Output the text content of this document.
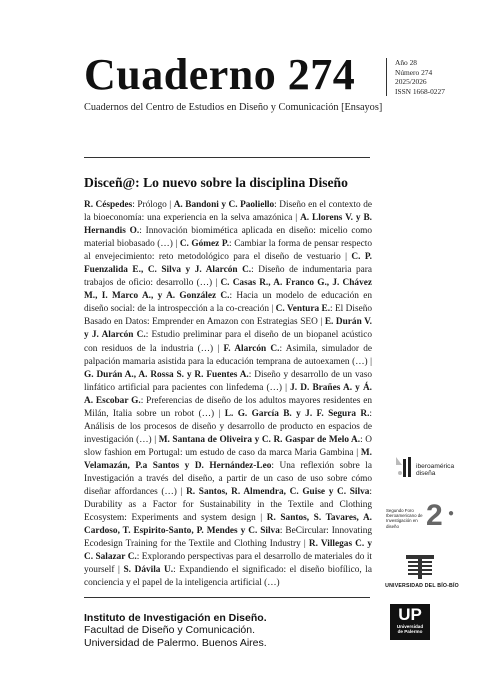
Cuaderno 274
Cuadernos del Centro de Estudios en Diseño y Comunicación [Ensayos]
Año 28
Número 274
2025/2026
ISSN 1668-0227
Disceñ@: Lo nuevo sobre la disciplina Diseño
R. Céspedes: Prólogo | A. Bandoni y C. Paoliello: Diseño en el contexto de la bioeconomía: una experiencia en la selva amazónica | A. Llorens V. y B. Hernandis O.: Innovación biomimética aplicada en diseño: micelio como material biobasado (…) | C. Gómez P.: Cambiar la forma de pensar respecto al envejecimiento: reto metodológico para el diseño de vestuario | C. P. Fuenzalida E., C. Silva y J. Alarcón C.: Diseño de indumentaria para trabajos de oficio: desarrollo (…) | C. Casas R., A. Franco G., J. Chávez M., I. Marco A., y A. González C.: Hacia un modelo de educación en diseño social: de la introspección a la co-creación | C. Ventura E.: El Diseño Basado en Datos: Emprender en Amazon con Estrategias SEO | E. Durán V. y J. Alarcón C.: Estudio preliminar para el diseño de un biopanel acústico con residuos de la industria (…) | F. Alarcón C.: Asimila, simulador de palpación mamaria asistida para la educación temprana de autoexamen (…) | G. Durán A., A. Rossa S. y R. Fuentes A.: Diseño y desarrollo de un vaso linfático artificial para pacientes con linfedema (…) | J. D. Brañes A. y Á. A. Escobar G.: Preferencias de diseño de los adultos mayores residentes en Milán, Italia sobre un robot (…) | L. G. García B. y J. F. Segura R.: Análisis de los procesos de diseño y desarrollo de producto en espacios de investigación (…) | M. Santana de Oliveira y C. R. Gaspar de Melo A.: O slow fashion em Portugal: um estudo de caso da marca Maria Gambina | M. Velamazán, P.a Santos y D. Hernández-Leo: Una reflexión sobre la Investigación a través del diseño, a partir de un caso de uso sobre cómo diseñar affordances (…) | R. Santos, R. Almendra, C. Guise y C. Silva: Durability as a Factor for Sustainability in the Textile and Clothing Ecosystem: Experiments and system design | R. Santos, S. Tavares, A. Cardoso, T. Espirito-Santo, P. Mendes y C. Silva: BeCircular: Innovating Ecodesign Training for the Textile and Clothing Industry | R. Villegas C. y C. Salazar C.: Explorando perspectivas para el desarrollo de materiales do it yourself | S. Dávila U.: Expandiendo el significado: el diseño biofílico, la conciencia y el papel de la inteligencia artificial (…)
Instituto de Investigación en Diseño.
Facultad de Diseño y Comunicación.
Universidad de Palermo. Buenos Aires.
iberoamérica
diseña
Segundo Foro Iberoamericano de Investigación en diseño 2 ●
UNIVERSIDAD DEL BÍO-BÍO
UP
Universidad
de Palermo
